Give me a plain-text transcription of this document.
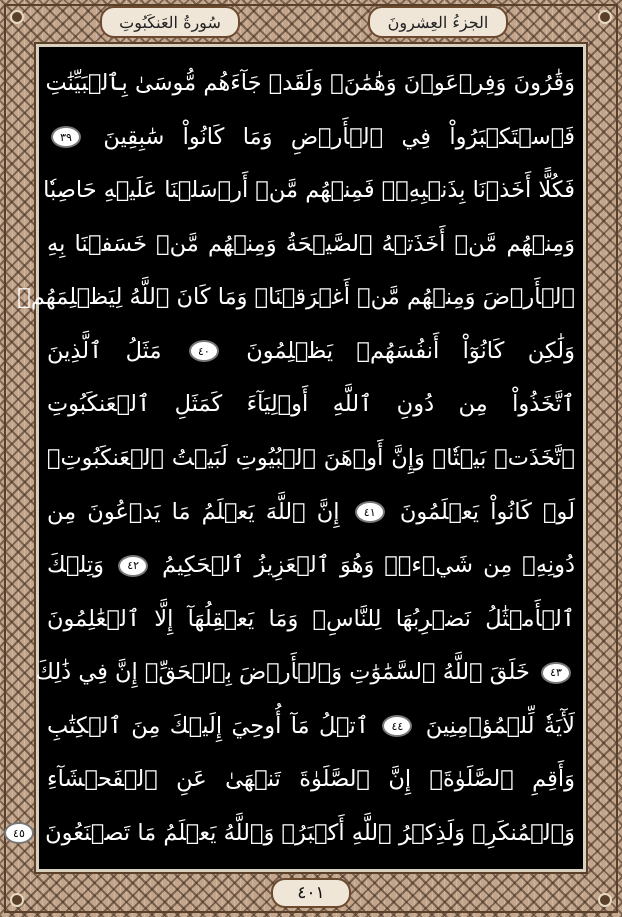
سُورةُ العَنكَبُوتِ	الجزءُ العِشرونَ
وَقَٰرُونَ وَفِرۡعَوۡنَ وَهَٰمَٰنَۖ وَلَقَدۡ جَآءَهُم مُّوسَىٰ بِٱلۡبَيِّنَٰتِ
فَٱسۡتَكۡبَرُواْ فِي ٱلۡأَرۡضِ وَمَا كَانُواْ سَٰبِقِينَ ٣٩
فَكُلًّا أَخَذۡنَا بِذَنۢبِهِۦۖ فَمِنۡهُم مَّنۡ أَرۡسَلۡنَا عَلَيۡهِ حَاصِبٗا
وَمِنۡهُم مَّنۡ أَخَذَتۡهُ ٱلصَّيۡحَةُ وَمِنۡهُم مَّنۡ خَسَفۡنَا بِهِ
ٱلۡأَرۡضَ وَمِنۡهُم مَّنۡ أَغۡرَقۡنَاۚ وَمَا كَانَ ٱللَّهُ لِيَظۡلِمَهُمۡ
وَلَٰكِن كَانُوٓاْ أَنفُسَهُمۡ يَظۡلِمُونَ ٤٠ مَثَلُ ٱلَّذِينَ
ٱتَّخَذُواْ مِن دُونِ ٱللَّهِ أَوۡلِيَآءَ كَمَثَلِ ٱلۡعَنكَبُوتِ
ٱتَّخَذَتۡ بَيۡتٗاۖ وَإِنَّ أَوۡهَنَ ٱلۡبُيُوتِ لَبَيۡتُ ٱلۡعَنكَبُوتِۚ
لَوۡ كَانُواْ يَعۡلَمُونَ ٤١ إِنَّ ٱللَّهَ يَعۡلَمُ مَا يَدۡعُونَ مِن
دُونِهِۦ مِن شَيۡءٖۚ وَهُوَ ٱلۡعَزِيزُ ٱلۡحَكِيمُ ٤٢ وَتِلۡكَ
ٱلۡأَمۡثَٰلُ نَضۡرِبُهَا لِلنَّاسِۖ وَمَا يَعۡقِلُهَآ إِلَّا ٱلۡعَٰلِمُونَ
٤٣ خَلَقَ ٱللَّهُ ٱلسَّمَٰوَٰتِ وَٱلۡأَرۡضَ بِٱلۡحَقِّۚ إِنَّ فِي ذَٰلِكَ
لَأٓيَةٗ لِّلۡمُؤۡمِنِينَ ٤٤ ٱتۡلُ مَآ أُوحِيَ إِلَيۡكَ مِنَ ٱلۡكِتَٰبِ
وَأَقِمِ ٱلصَّلَوٰةَۖ إِنَّ ٱلصَّلَوٰةَ تَنۡهَىٰ عَنِ ٱلۡفَحۡشَآءِ
وَٱلۡمُنكَرِۗ وَلَذِكۡرُ ٱللَّهِ أَكۡبَرُۗ وَٱللَّهُ يَعۡلَمُ مَا تَصۡنَعُونَ ٤٥
٤٠١
